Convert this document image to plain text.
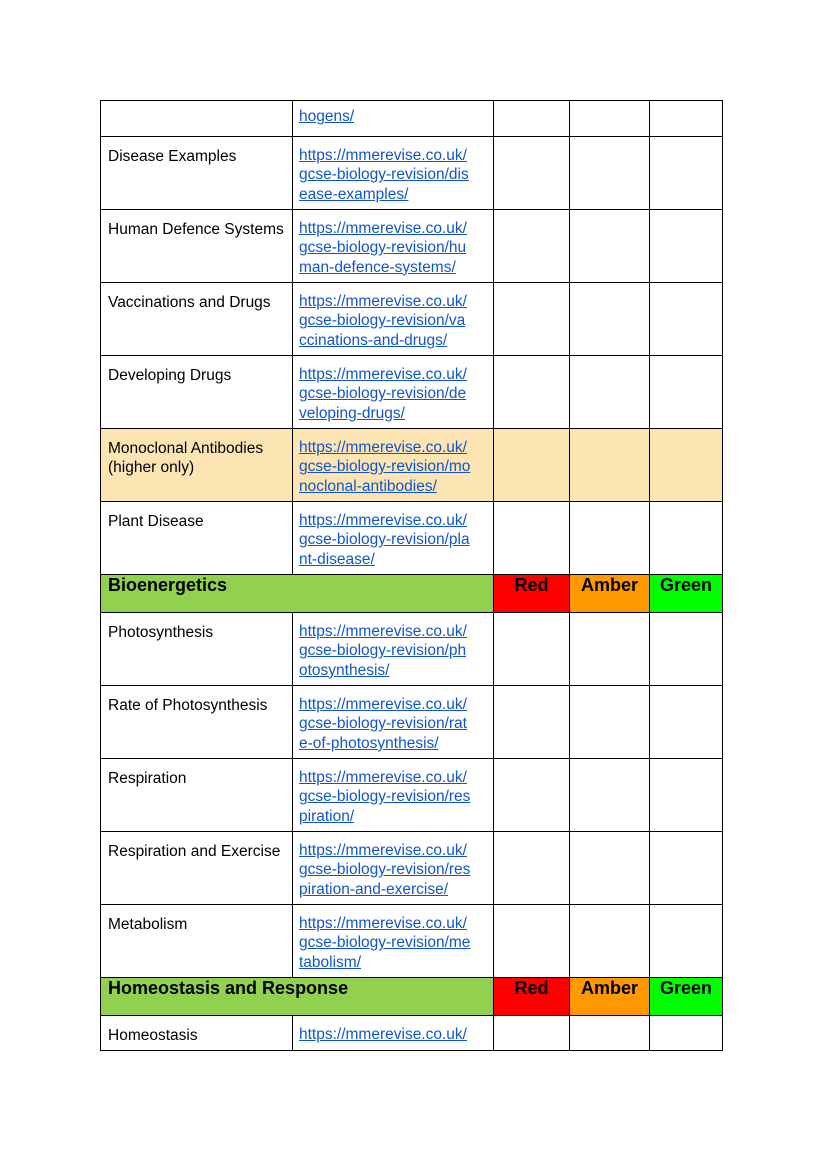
	hogens/			

Disease Examples	https://mmerevise.co.uk/
gcse-biology-revision/dis
ease-examples/			

Human Defence Systems	https://mmerevise.co.uk/
gcse-biology-revision/hu
man-defence-systems/			

Vaccinations and Drugs	https://mmerevise.co.uk/
gcse-biology-revision/va
ccinations-and-drugs/			

Developing Drugs	https://mmerevise.co.uk/
gcse-biology-revision/de
veloping-drugs/			

Monoclonal Antibodies (higher only)	https://mmerevise.co.uk/
gcse-biology-revision/mo
noclonal-antibodies/			

Plant Disease	https://mmerevise.co.uk/
gcse-biology-revision/pla
nt-disease/			

Bioenergetics		Red	Amber	Green
Photosynthesis	https://mmerevise.co.uk/
gcse-biology-revision/ph
otosynthesis/			

Rate of Photosynthesis	https://mmerevise.co.uk/
gcse-biology-revision/rat
e-of-photosynthesis/			

Respiration	https://mmerevise.co.uk/
gcse-biology-revision/res
piration/			

Respiration and Exercise	https://mmerevise.co.uk/
gcse-biology-revision/res
piration-and-exercise/			

Metabolism	https://mmerevise.co.uk/
gcse-biology-revision/me
tabolism/			

Homeostasis and Response		Red	Amber	Green
Homeostasis	https://mmerevise.co.uk/			
